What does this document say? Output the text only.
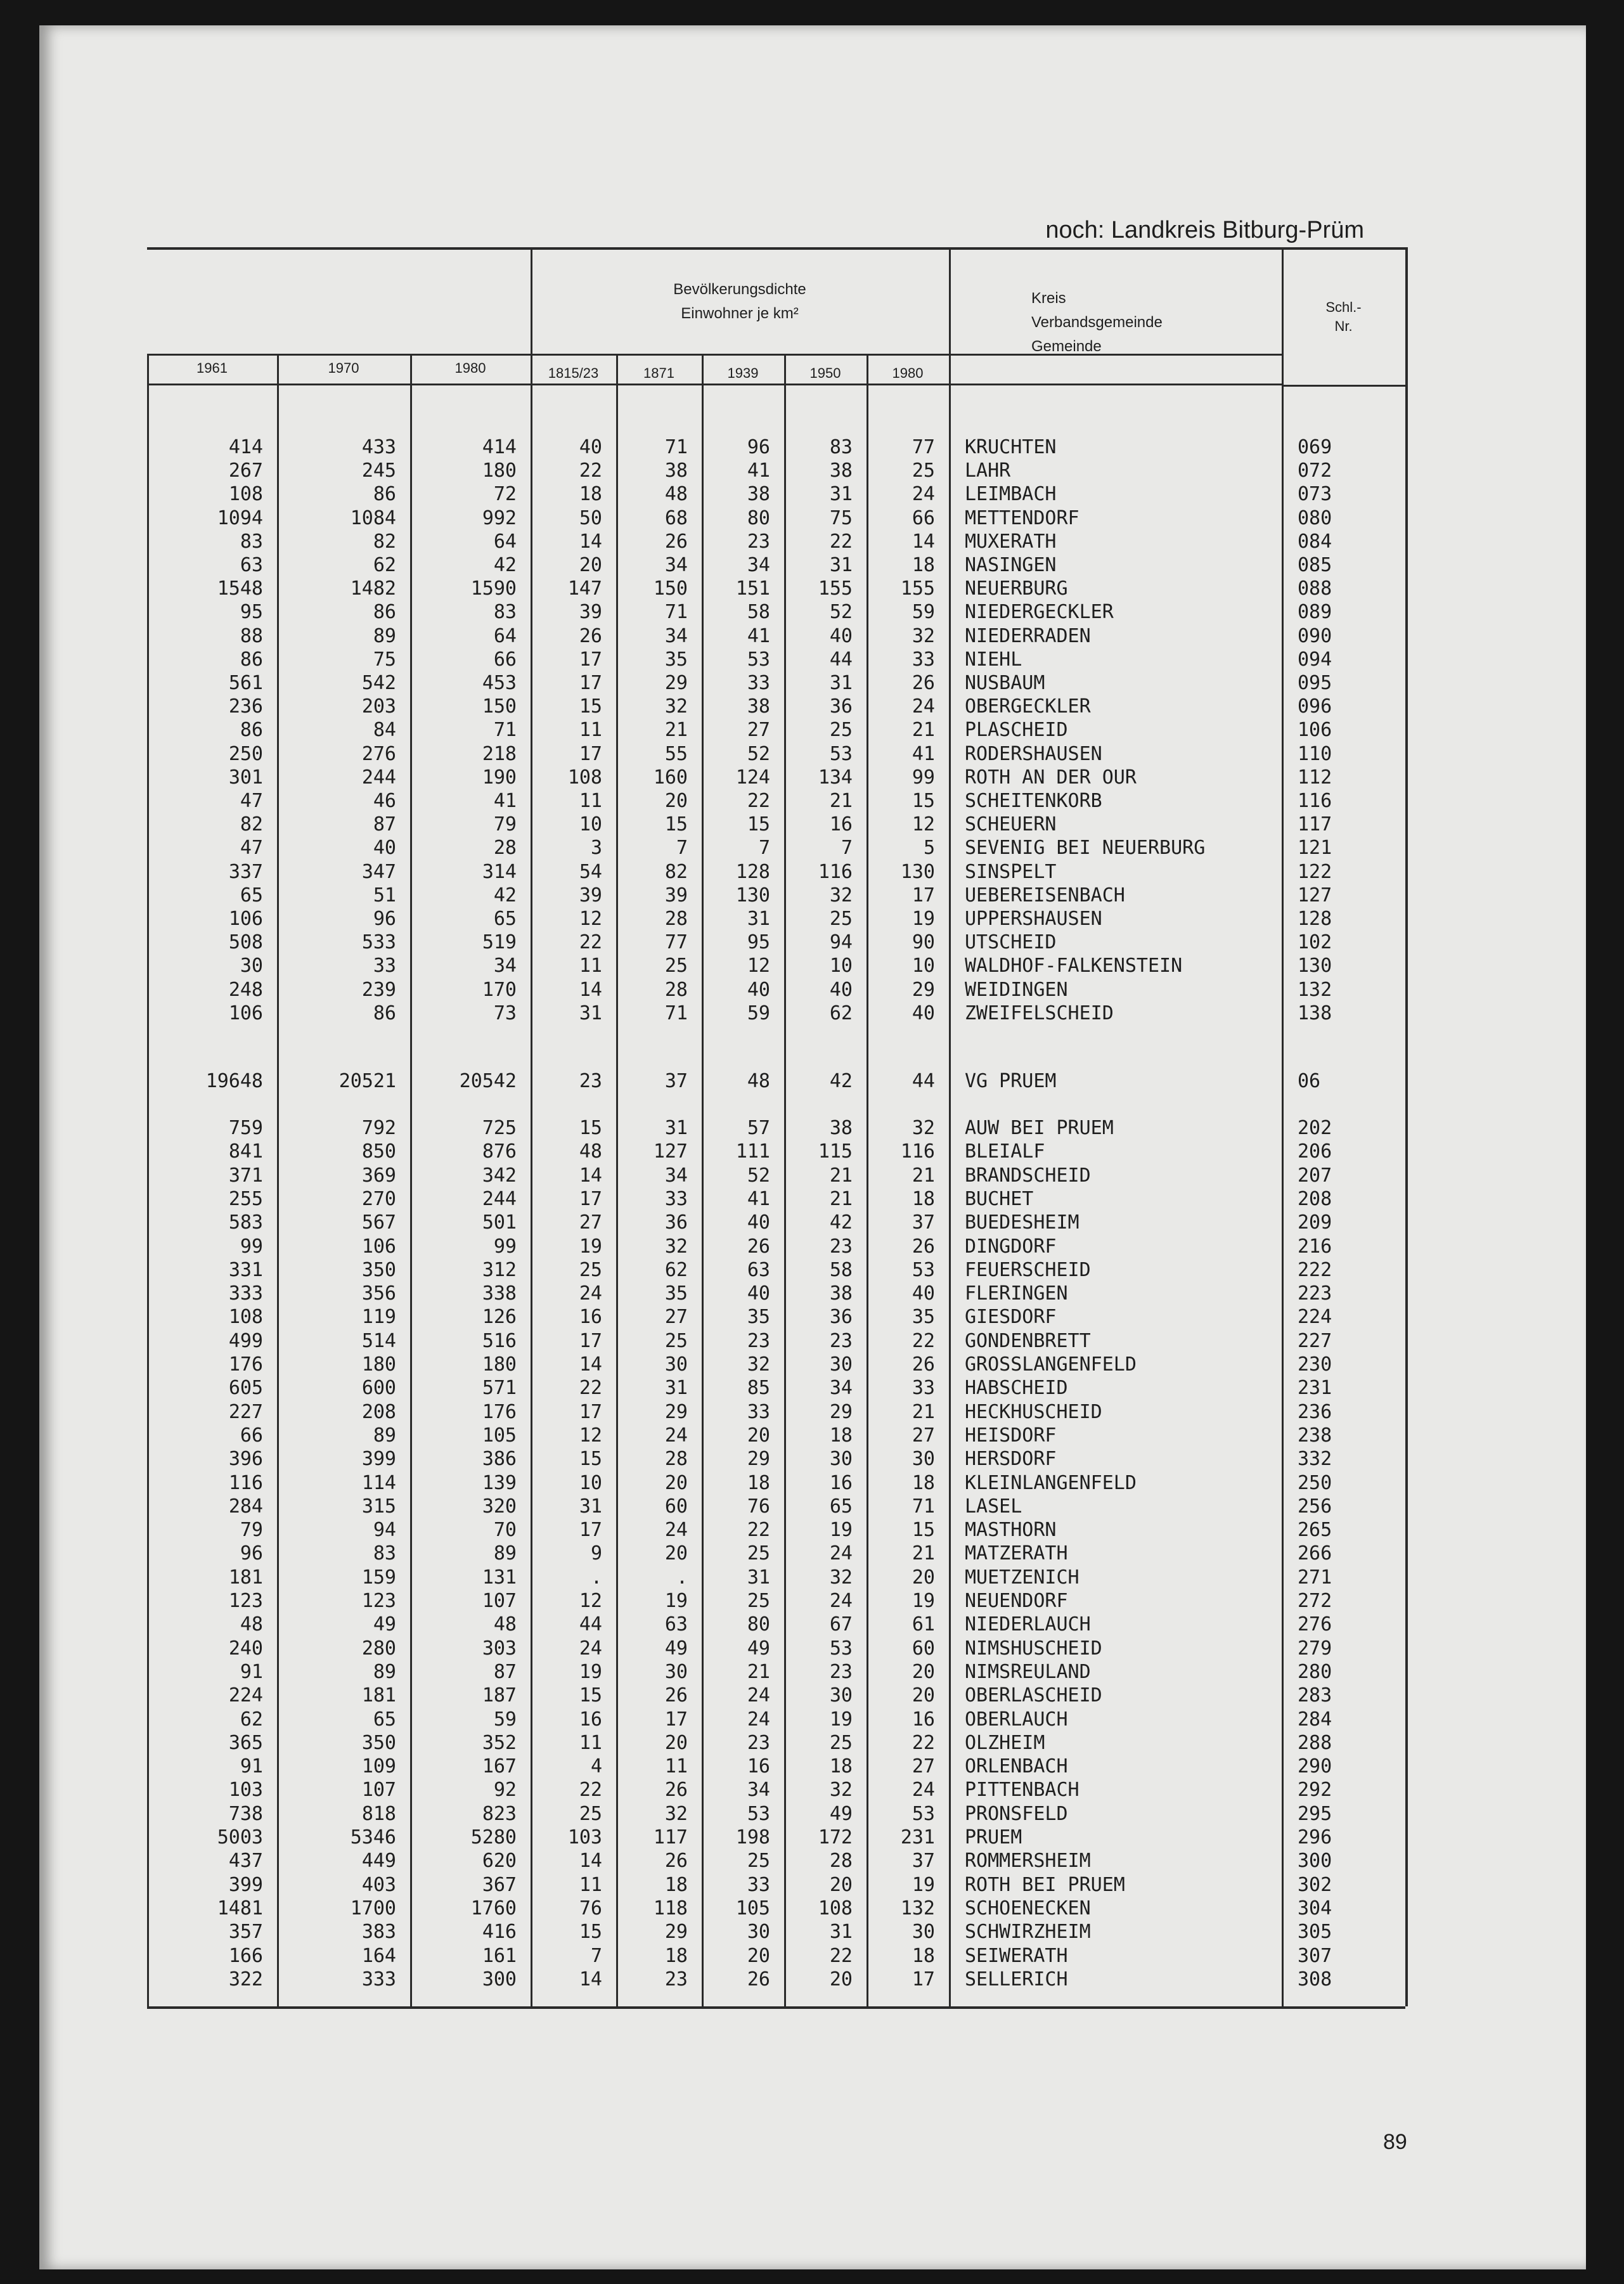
noch: Landkreis Bitburg-Prüm
Bevölkerungsdichte
Einwohner je km²
Kreis
Verbandsgemeinde
Gemeinde
Schl.-
Nr.
1961	1970	1980	1815/23	1871	1939	1950	1980
414	433	414	40	71	96	83	77 KRUCHTEN	069
267	245	180	22	38	41	38	25 LAHR	072
108	86	72	18	48	38	31	24 LEIMBACH	073
1094	1084	992	50	68	80	75	66 METTENDORF	080
83	82	64	14	26	23	22	14 MUXERATH	084
63	62	42	20	34	34	31	18 NASINGEN	085
1548	1482	1590	147	150	151	155	155 NEUERBURG	088
95	86	83	39	71	58	52	59 NIEDERGECKLER	089
88	89	64	26	34	41	40	32 NIEDERRADEN	090
86	75	66	17	35	53	44	33 NIEHL	094
561	542	453	17	29	33	31	26 NUSBAUM	095
236	203	150	15	32	38	36	24 OBERGECKLER	096
86	84	71	11	21	27	25	21 PLASCHEID	106
250	276	218	17	55	52	53	41 RODERSHAUSEN	110
301	244	190	108	160	124	134	99 ROTH AN DER OUR	112
47	46	41	11	20	22	21	15 SCHEITENKORB	116
82	87	79	10	15	15	16	12 SCHEUERN	117
47	40	28	3	7	7	7	5 SEVENIG BEI NEUERBURG	121
337	347	314	54	82	128	116	130 SINSPELT	122
65	51	42	39	39	130	32	17 UEBEREISENBACH	127
106	96	65	12	28	31	25	19 UPPERSHAUSEN	128
508	533	519	22	77	95	94	90 UTSCHEID	102
30	33	34	11	25	12	10	10 WALDHOF-FALKENSTEIN	130
248	239	170	14	28	40	40	29 WEIDINGEN	132
106	86	73	31	71	59	62	40 ZWEIFELSCHEID	138
19648	20521	20542	23	37	48	42	44 VG PRUEM	06
759	792	725	15	31	57	38	32 AUW BEI PRUEM	202
841	850	876	48	127	111	115	116 BLEIALF	206
371	369	342	14	34	52	21	21 BRANDSCHEID	207
255	270	244	17	33	41	21	18 BUCHET	208
583	567	501	27	36	40	42	37 BUEDESHEIM	209
99	106	99	19	32	26	23	26 DINGDORF	216
331	350	312	25	62	63	58	53 FEUERSCHEID	222
333	356	338	24	35	40	38	40 FLERINGEN	223
108	119	126	16	27	35	36	35 GIESDORF	224
499	514	516	17	25	23	23	22 GONDENBRETT	227
176	180	180	14	30	32	30	26 GROSSLANGENFELD	230
605	600	571	22	31	85	34	33 HABSCHEID	231
227	208	176	17	29	33	29	21 HECKHUSCHEID	236
66	89	105	12	24	20	18	27 HEISDORF	238
396	399	386	15	28	29	30	30 HERSDORF	332
116	114	139	10	20	18	16	18 KLEINLANGENFELD	250
284	315	320	31	60	76	65	71 LASEL	256
79	94	70	17	24	22	19	15 MASTHORN	265
96	83	89	9	20	25	24	21 MATZERATH	266
181	159	131	.	.	31	32	20 MUETZENICH	271
123	123	107	12	19	25	24	19 NEUENDORF	272
48	49	48	44	63	80	67	61 NIEDERLAUCH	276
240	280	303	24	49	49	53	60 NIMSHUSCHEID	279
91	89	87	19	30	21	23	20 NIMSREULAND	280
224	181	187	15	26	24	30	20 OBERLASCHEID	283
62	65	59	16	17	24	19	16 OBERLAUCH	284
365	350	352	11	20	23	25	22 OLZHEIM	288
91	109	167	4	11	16	18	27 ORLENBACH	290
103	107	92	22	26	34	32	24 PITTENBACH	292
738	818	823	25	32	53	49	53 PRONSFELD	295
5003	5346	5280	103	117	198	172	231 PRUEM	296
437	449	620	14	26	25	28	37 ROMMERSHEIM	300
399	403	367	11	18	33	20	19 ROTH BEI PRUEM	302
1481	1700	1760	76	118	105	108	132 SCHOENECKEN	304
357	383	416	15	29	30	31	30 SCHWIRZHEIM	305
166	164	161	7	18	20	22	18 SEIWERATH	307
322	333	300	14	23	26	20	17 SELLERICH	308
89
